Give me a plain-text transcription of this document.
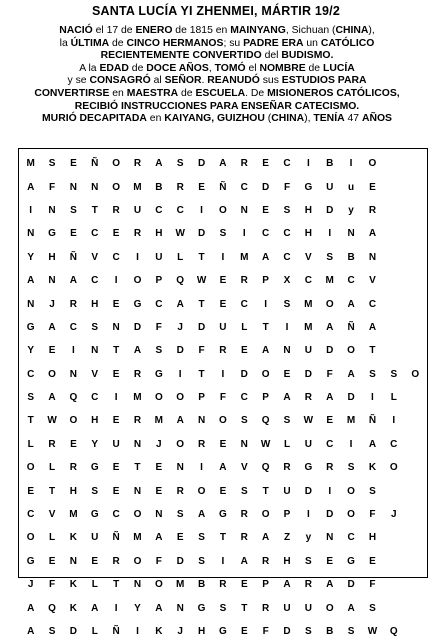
SANTA LUCÍA YI ZHENMEI, MÁRTIR 19/2
NACIÓ el 17 de ENERO de 1815 en MAINYANG, Sichuan (CHINA),
la ÚLTIMA de CINCO HERMANOS; su PADRE ERA un CATÓLICO
RECIENTEMENTE CONVERTIDO del BUDISMO.
A la EDAD de DOCE AÑOS, TOMÓ el NOMBRE de LUCÍA
y se CONSAGRÓ al SEÑOR. REANUDÓ sus ESTUDIOS PARA
CONVERTIRSE en MAESTRA de ESCUELA. De MISIONEROS CATÓLICOS,
RECIBIÓ INSTRUCCIONES PARA ENSEÑAR CATECISMO.
MURIÓ DECAPITADA en KAIYANG, GUIZHOU (CHINA), TENÍA 47 AÑOS
M	S	E	Ñ	O	R	A	S	D	A	R	E	C	I	B	I	O		
A	F	N	N	O	M	B	R	E	Ñ	C	D	F	G	U	u	E		
I	N	S	T	R	U	C	C	I	O	N	E	S	H	D	y	R		
N	G	E	C	E	R	H	W	D	S	I	C	C	H	I	N	A		
Y	H	Ñ	V	C	I	U	L	T	I	M	A	C	V	S	B	N		
A	N	A	C	I	O	P	Q	W	E	R	P	X	C	M	C	V		
N	J	R	H	E	G	C	A	T	E	C	I	S	M	O	A	C		
G	A	C	S	N	D	F	J	D	U	L	T	I	M	A	Ñ	A		
Y	E	I	N	T	A	S	D	F	R	E	A	N	U	D	O	T		
C	O	N	V	E	R	G	I	T	I	D	O	E	D	F	A	S	S	O
S	A	Q	C	I	M	O	O	P	F	C	P	A	R	A	D	I	L	
T	W	O	H	E	R	M	A	N	O	S	Q	S	W	E	M	Ñ	I	
L	R	E	Y	U	N	J	O	R	E	N	W	L	U	C	I	A	C	
O	L	R	G	E	T	E	N	I	A	V	Q	R	G	R	S	K	O	
E	T	H	S	E	N	E	R	O	E	S	T	U	D	I	O	S		
C	V	M	G	C	O	N	S	A	G	R	O	P	I	D	O	F	J	
O	L	K	U	Ñ	M	A	E	S	T	R	A	Z	y	N	C	H		
G	E	N	E	R	O	F	D	S	I	A	R	H	S	E	G	E		
J	F	K	L	T	N	O	M	B	R	E	P	A	R	A	D	F		
A	Q	K	A	I	Y	A	N	G	S	T	R	U	U	O	A	S		
A	S	D	L	Ñ	I	K	J	H	G	E	F	D	S	B	S	W	Q	
